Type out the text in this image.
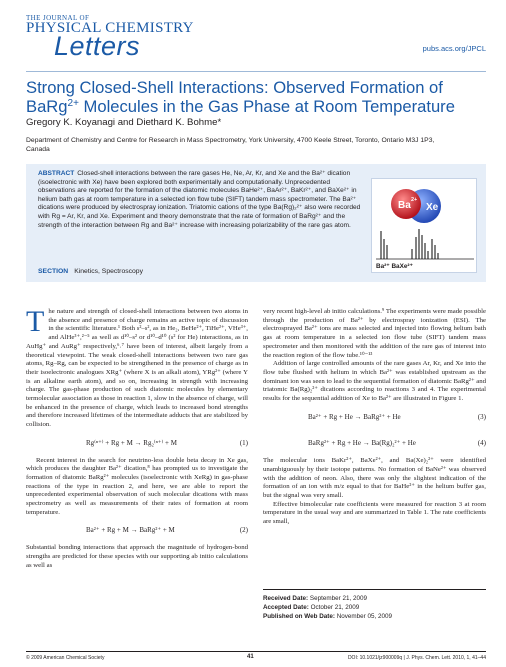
THE JOURNAL OF
PHYSICAL CHEMISTRY
Letters	pubs.acs.org/JPCL
Strong Closed-Shell Interactions: Observed Formation of BaRg$^{2+}$ Molecules in the Gas Phase at Room Temperature
Gregory K. Koyanagi and Diethard K. Bohme*
Department of Chemistry and Centre for Research in Mass Spectrometry, York University, 4700 Keele Street, Toronto, Ontario M3J 1P3, Canada
ABSTRACT Closed-shell interactions between the rare gases He, Ne, Ar, Kr, and Xe and the Ba²⁺ dication (isoelectronic with Xe) have been explored both experimentally and computationally. Unprecedented observations are reported for the formation of the diatomic molecules BaHe²⁺, BaAr²⁺, BaKr²⁺, and BaXe²⁺ in helium bath gas at room temperature in a selected ion flow tube (SIFT) tandem mass spectrometer. The Ba²⁺ dications were produced by electrospray ionization. Triatomic cations of the type Ba(Rg)₂²⁺ also were recorded with Rg = Ar, Kr, and Xe. Experiment and theory demonstrate that the rate of formation of BaRg²⁺ and the strength of the interaction between Rg and Ba²⁺ increase with increasing polarizability of the rare gas atom.
SECTION Kinetics, Spectroscopy
Ba 2+
Xe
Ba²⁺ BaXe²⁺

The nature and strength of closed-shell interactions between two atoms in the absence and presence of charge remains an active topic of discussion in the scientific literature.¹ Both s²–s², as in He₂, BeHe²⁺, TiHe²⁺, VHe³⁺, and AlHe³⁺,²⁻⁵ as well as d¹⁰–s² or d¹⁰–d¹⁰ (s² for He) interactions, as in AuHg⁺ and AuRg⁺ respectively,⁶˒⁷ have been of interest, albeit largely from a theoretical viewpoint. The weak closed-shell interactions between two rare gas atoms, Rg–Rg, can be expected to be strengthened in the presence of charge as in their isoelectronic analogues XRg⁺ (where X is an alkali atom), YRg²⁺ (where Y is an alkaline earth atom), and so on, increasing in strength with increasing charge. The gas-phase production of such diatomic molecules by elementary termolecular association as those in reaction 1, slow in the absence of charge, will be enhanced in the presence of charge, which leads to increased bond strengths and therefore increased lifetimes of the intermediate adducts that are stabilized by collision.

Rg⁽ⁿ⁺⁾ + Rg + M → Rg₂⁽ⁿ⁺⁾ + M	(1)

Recent interest in the search for neutrino-less double beta decay in Xe gas, which produces the daughter Ba²⁺ dication,⁸ has prompted us to investigate the formation of diatomic BaRg²⁺ molecules (isoelectronic with XeRg) in gas-phase reactions of the type in reaction 2, and here, we are able to report the unprecedented experimental observation of such molecular dications with mass spectrometry as well as measurements of their rates of formation at room temperature.

Ba²⁺ + Rg + M → BaRg²⁺ + M	(2)

Substantial bonding interactions that approach the magnitude of hydrogen-bond strengths are predicted for these species with our supporting ab initio calculations as well as

very recent high-level ab initio calculations.⁹ The experiments were made possible through the production of Ba²⁺ by electrospray ionization (ESI). The electrosprayed Ba²⁺ ions are mass selected and injected into flowing helium bath gas at room temperature in a selected ion flow tube (SIFT) tandem mass spectrometer and then monitored with the addition of the rare gas of interest into the reaction region of the flow tube.¹⁰⁻¹³

Addition of large controlled amounts of the rare gases Ar, Kr, and Xe into the flow tube flushed with helium in which Ba²⁺ was established upstream as the dominant ion was seen to lead to the sequential formation of diatomic BaRg²⁺ and triatomic Ba(Rg)₂²⁺ dications according to reactions 3 and 4. The experimental results for the sequential addition of Xe to Ba²⁺ are illustrated in Figure 1.

Ba²⁺ + Rg + He → BaRg²⁺ + He	(3)
BaRg²⁺ + Rg + He → Ba(Rg)₂²⁺ + He	(4)

The molecular ions BaKr²⁺, BaXe²⁺, and Ba(Xe)₂²⁺ were identified unambiguously by their isotope patterns. No formation of BaNe²⁺ was observed with the addition of neon. Also, there was only the slightest indication of the formation of an ion with m/z equal to that for BaHe²⁺ in the helium buffer gas, but the signal was very small.

Effective bimolecular rate coefficients were measured for reaction 3 at room temperature in the usual way and are summarized in Table 1. The rate coefficients are small,

Received Date: September 21, 2009
Accepted Date: October 21, 2009
Published on Web Date: November 05, 2009
© 2009 American Chemical Society	41	DOI: 10.1021/jz900009q | J. Phys. Chem. Lett. 2010, 1, 41–44
